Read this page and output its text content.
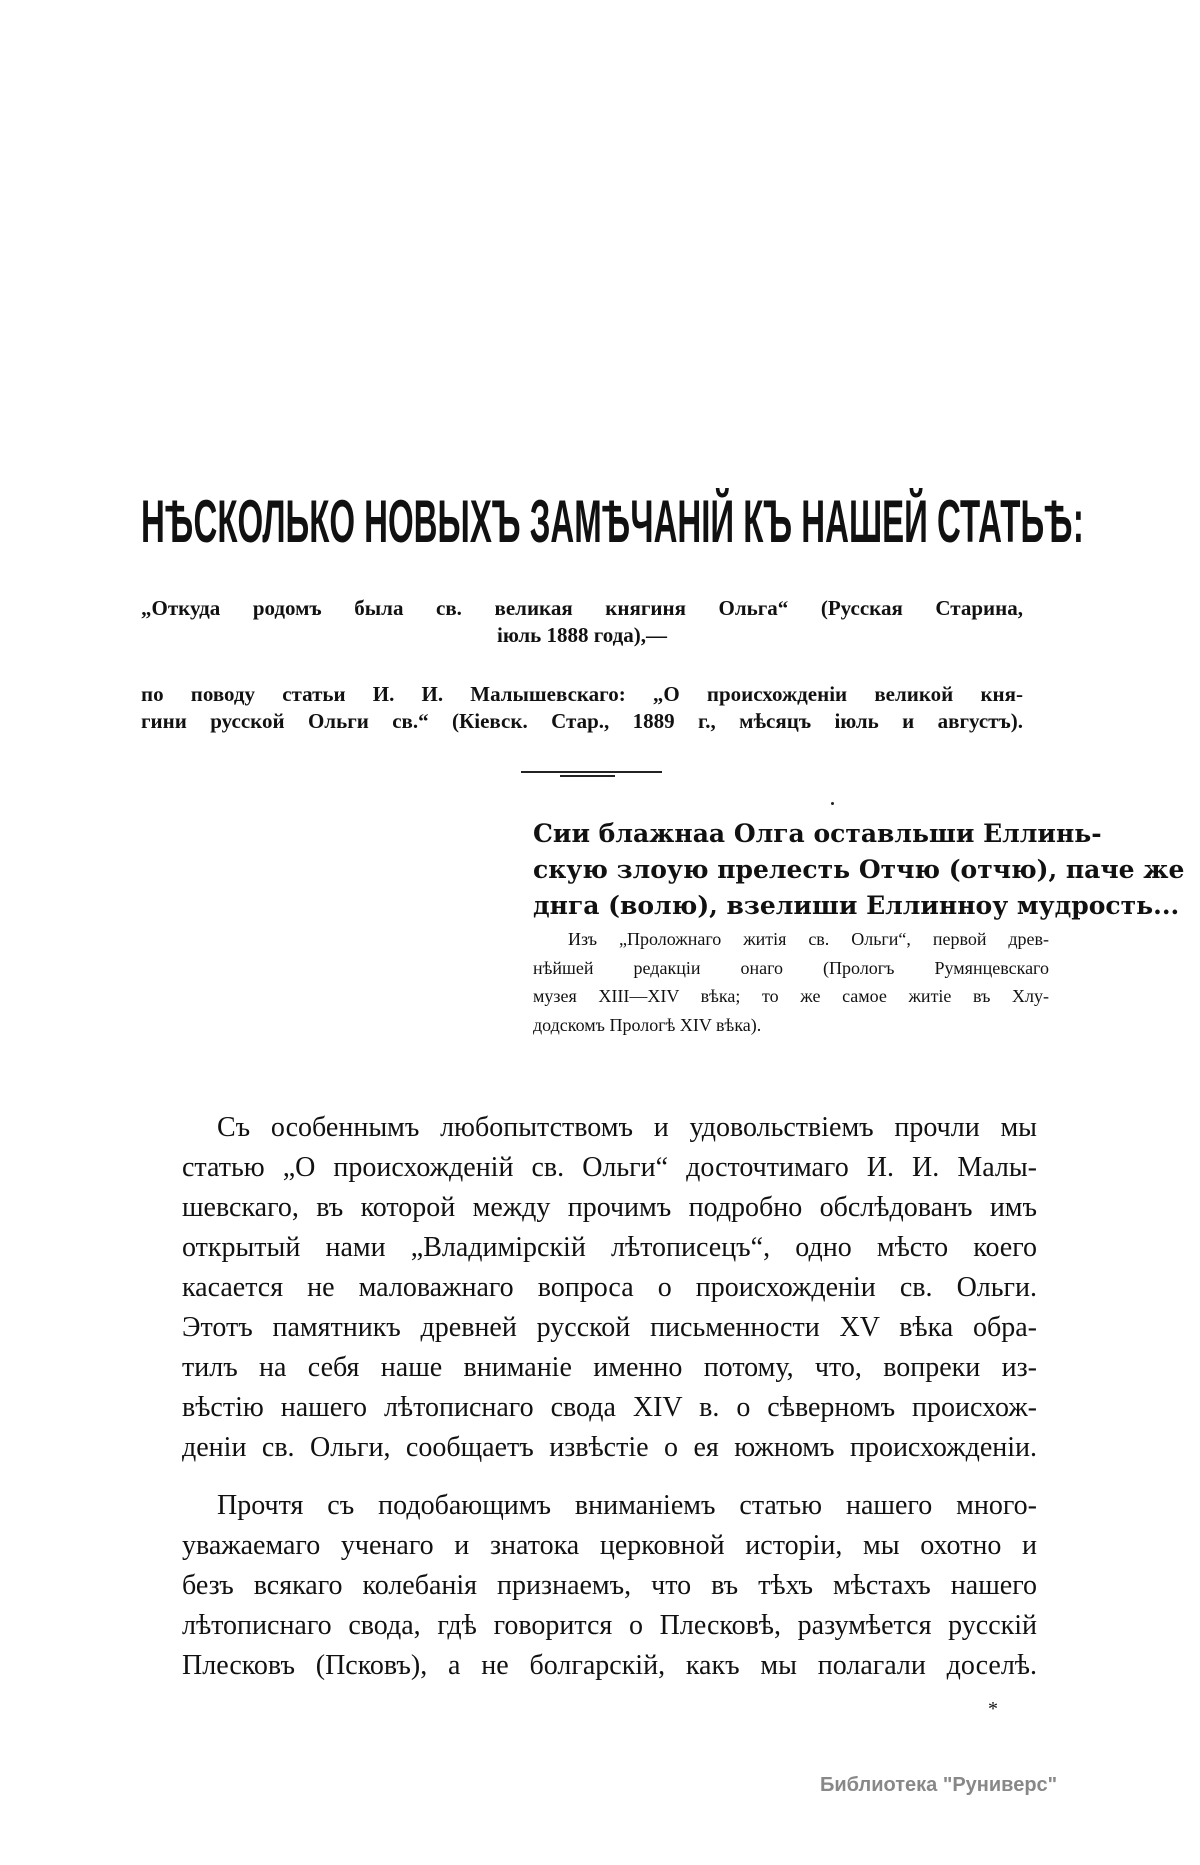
НѢСКОЛЬКО НОВЫХЪ ЗАМѢЧАНІЙ КЪ НАШЕЙ СТАТЬѢ:
„Откуда родомъ была св. великая княгиня Ольга“ (Русская Старина,
іюль 1888 года),—
по поводу статьи И. И. Малышевскаго: „О происхожденіи великой кня-
гини русской Ольги св.“ (Кіевск. Стар., 1889 г., мѣсяцъ іюль и августъ).
Сии блажнаа Олга оставльши Еллинь-
скую злоую прелесть Отчю (отчю), паче же
днга (волю), взелиши Еллинноу мудрость...
Изъ „Проложнаго житія св. Ольги“, первой древ-
нѣйшей редакціи онаго (Прологъ Румянцевскаго
музея XIII—XIV вѣка; то же самое житіе въ Хлу-
додскомъ Прологѣ XIV вѣка).
Съ особеннымъ любопытствомъ и удовольствіемъ прочли мы
статью „О происхожденій св. Ольги“ досточтимаго И. И. Малы-
шевскаго, въ которой между прочимъ подробно обслѣдованъ имъ
открытый нами „Владимірскій лѣтописецъ“, одно мѣсто коего
касается не маловажнаго вопроса о происхожденіи св. Ольги.
Этотъ памятникъ древней русской письменности XV вѣка обра-
тилъ на себя наше вниманіе именно потому, что, вопреки из-
вѣстію нашего лѣтописнаго свода XIV в. о сѣверномъ происхож-
деніи св. Ольги, сообщаетъ извѣстіе о ея южномъ происхожденіи.
Прочтя съ подобающимъ вниманіемъ статью нашего много-
уважаемаго ученаго и знатока церковной исторіи, мы охотно и
безъ всякаго колебанія признаемъ, что въ тѣхъ мѣстахъ нашего
лѣтописнаго свода, гдѣ говорится о Плесковѣ, разумѣется русскій
Плесковъ (Псковъ), а не болгарскій, какъ мы полагали доселѣ.
*
Библиотека "Руниверс"
